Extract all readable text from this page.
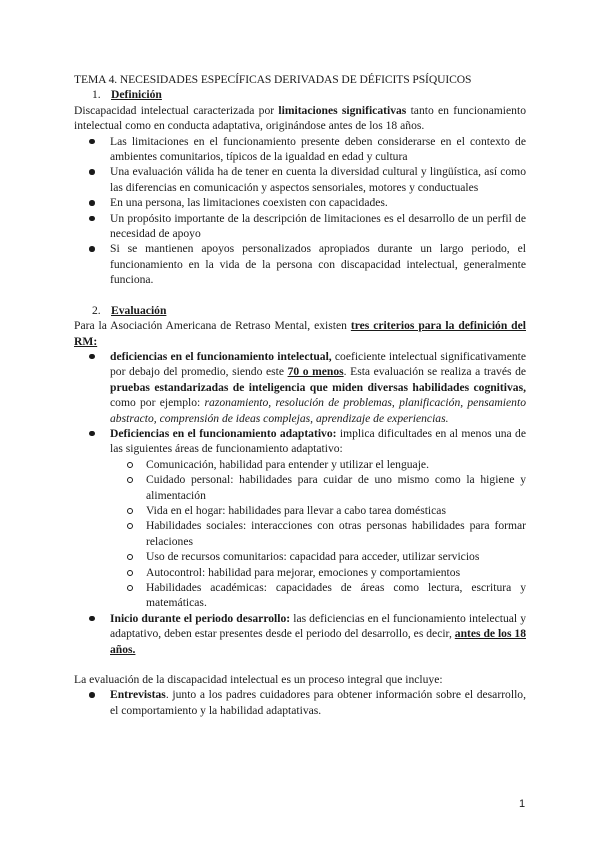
TEMA 4. NECESIDADES ESPECÍFICAS DERIVADAS DE DÉFICITS PSÍQUICOS

1. Definición

Discapacidad intelectual caracterizada por limitaciones significativas tanto en funcionamiento intelectual como en conducta adaptativa, originándose antes de los 18 años.

Las limitaciones en el funcionamiento presente deben considerarse en el contexto de ambientes comunitarios, típicos de la igualdad en edad y cultura
Una evaluación válida ha de tener en cuenta la diversidad cultural y lingüística, así como las diferencias en comunicación y aspectos sensoriales, motores y conductuales
En una persona, las limitaciones coexisten con capacidades.
Un propósito importante de la descripción de limitaciones es el desarrollo de un perfil de necesidad de apoyo
Si se mantienen apoyos personalizados apropiados durante un largo periodo, el funcionamiento en la vida de la persona con discapacidad intelectual, generalmente funciona.
2. Evaluación

Para la Asociación Americana de Retraso Mental, existen tres criterios para la definición del RM:

deficiencias en el funcionamiento intelectual, coeficiente intelectual significativamente por debajo del promedio, siendo este 70 o menos. Esta evaluación se realiza a través de pruebas estandarizadas de inteligencia que miden diversas habilidades cognitivas, como por ejemplo: razonamiento, resolución de problemas, planificación, pensamiento abstracto, comprensión de ideas complejas, aprendizaje de experiencias.
Deficiencias en el funcionamiento adaptativo: implica dificultades en al menos una de las siguientes áreas de funcionamiento adaptativo:
Comunicación, habilidad para entender y utilizar el lenguaje.
Cuidado personal: habilidades para cuidar de uno mismo como la higiene y alimentación
Vida en el hogar: habilidades para llevar a cabo tarea domésticas
Habilidades sociales: interacciones con otras personas habilidades para formar relaciones
Uso de recursos comunitarios: capacidad para acceder, utilizar servicios
Autocontrol: habilidad para mejorar, emociones y comportamientos
Habilidades académicas: capacidades de áreas como lectura, escritura y matemáticas.
Inicio durante el periodo desarrollo: las deficiencias en el funcionamiento intelectual y adaptativo, deben estar presentes desde el periodo del desarrollo, es decir, antes de los 18 años.

La evaluación de la discapacidad intelectual es un proceso integral que incluye:

Entrevistas. junto a los padres cuidadores para obtener información sobre el desarrollo, el comportamiento y la habilidad adaptativas.
1
